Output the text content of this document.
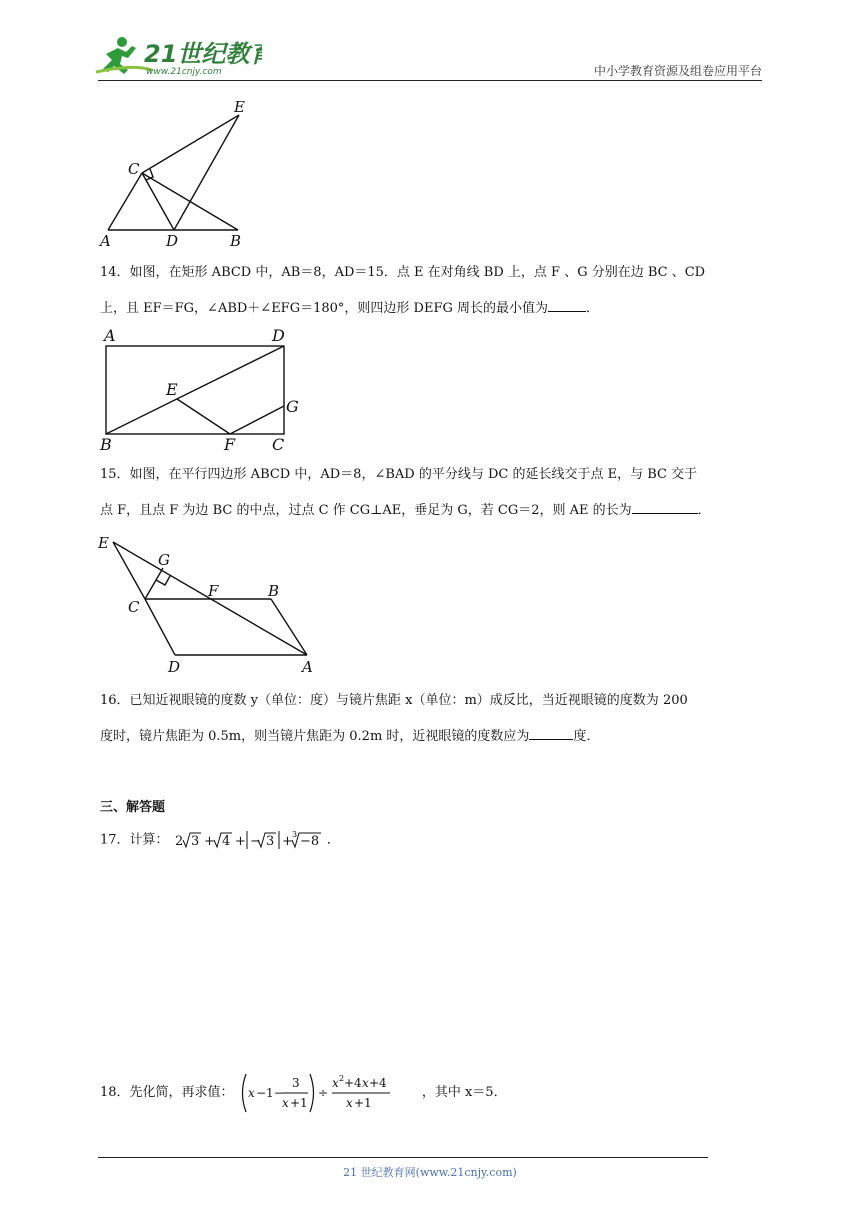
21世纪教育
www.21cnjy.com	中小学教育资源及组卷应用平台
E
C
A	D	B
14．如图，在矩形 ABCD 中，AB＝8，AD＝15．点 E 在对角线 BD 上，点 F 、G 分别在边 BC 、CD
上，且 EF＝FG，∠ABD＋∠EFG＝180°，则四边形 DEFG 周长的最小值为	．
A	D
E
G
B	F C
15．如图，在平行四边形 ABCD 中，AD＝8，∠BAD 的平分线与 DC 的延长线交于点 E，与 BC 交于
点 F，且点 F 为边 BC 的中点，过点 C 作 CG⊥AE，垂足为 G，若 CG＝2，则 AE 的长为	．
E
G
F	B
C
D	A
16．已知近视眼镜的度数 y（单位：度）与镜片焦距 x（单位：m）成反比，当近视眼镜的度数为 200
度时，镜片焦距为 0.5m，则当镜片焦距为 0.2m 时，近视眼镜的度数应为	度．
三、解答题
17．计算： 2 3 + 4 + − 3 + 3 −8 ．
18．先化简，再求值： x −1−
3
x +1
÷
x 2 +4 x +4
x +1
，其中 x＝5．
21 世纪教育网(www.21cnjy.com)
